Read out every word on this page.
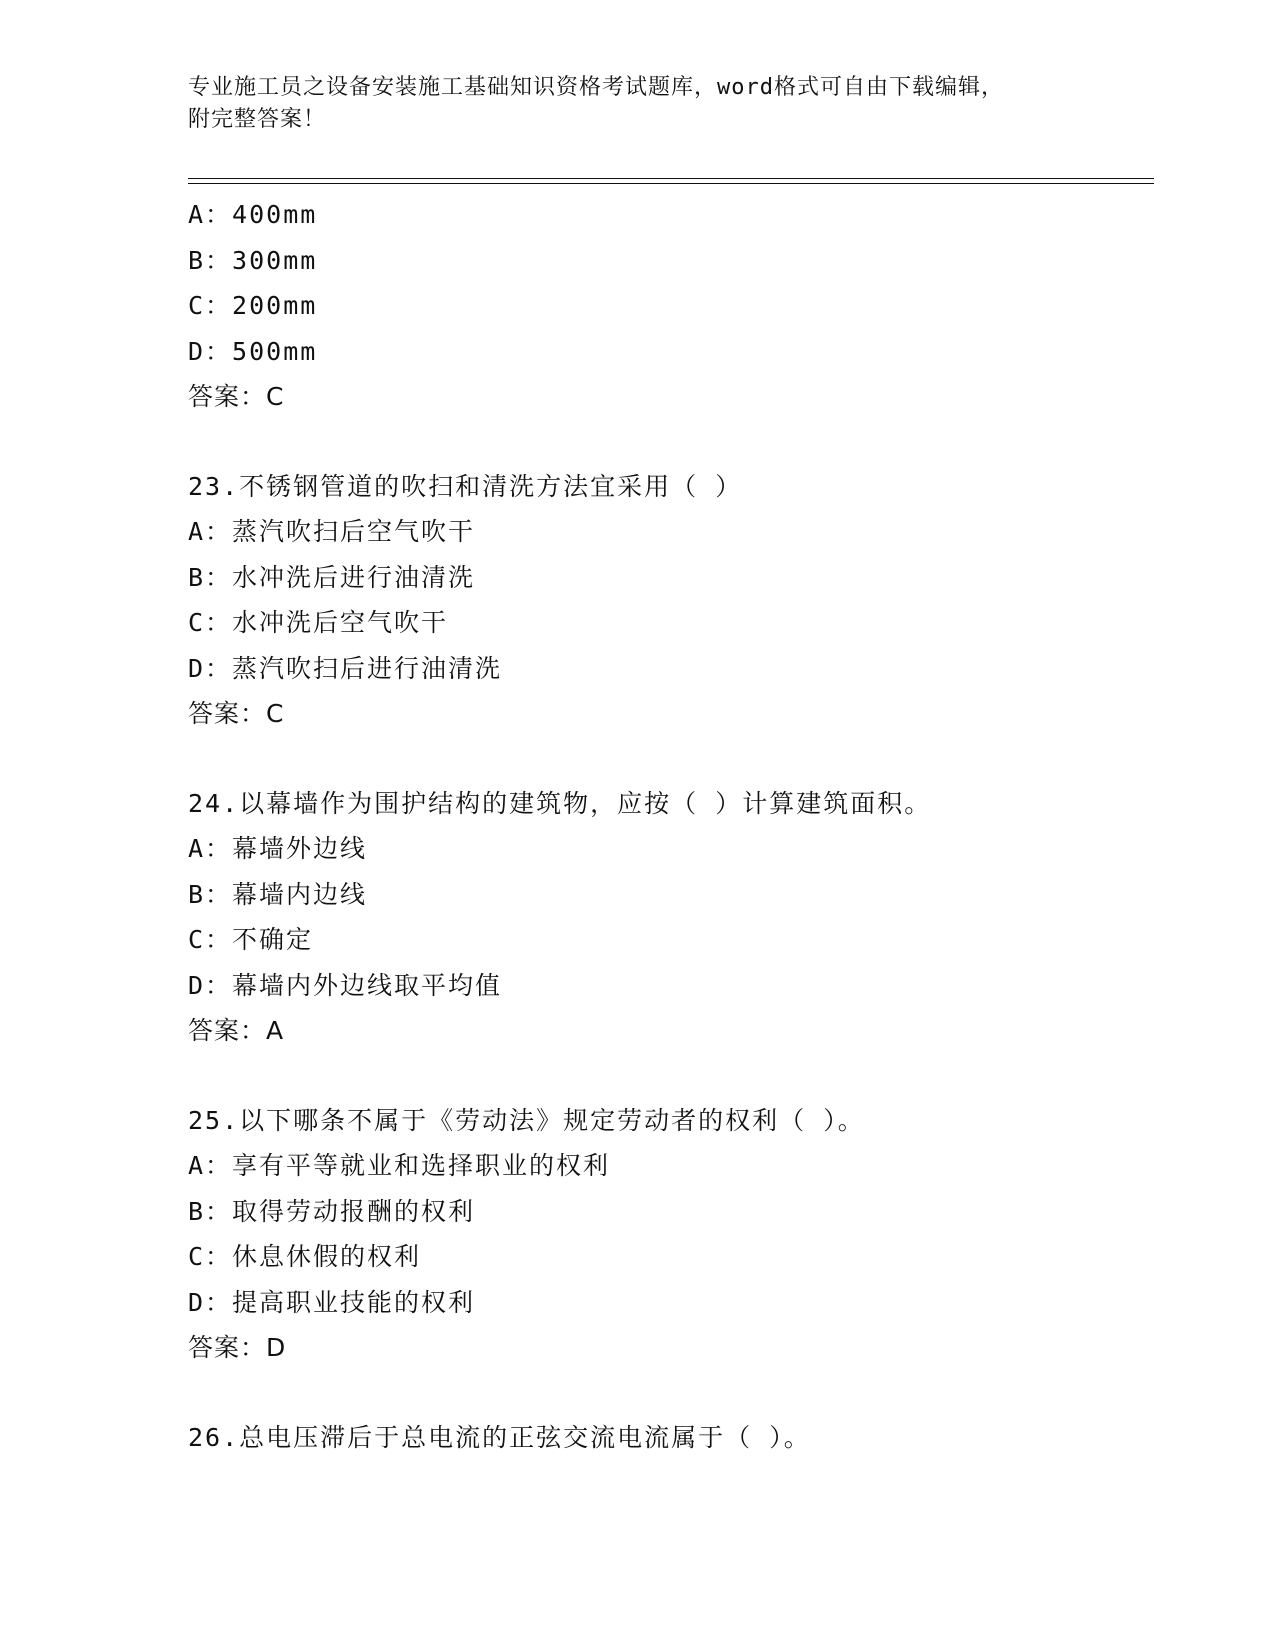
专业施工员之设备安装施工基础知识资格考试题库，word格式可自由下载编辑，
附完整答案！
A：400mm
B：300mm
C：200mm
D：500mm
答案：C
23.不锈钢管道的吹扫和清洗方法宜采用（ ）
A：蒸汽吹扫后空气吹干
B：水冲洗后进行油清洗
C：水冲洗后空气吹干
D：蒸汽吹扫后进行油清洗
答案：C
24.以幕墙作为围护结构的建筑物，应按（ ）计算建筑面积。
A：幕墙外边线
B：幕墙内边线
C：不确定
D：幕墙内外边线取平均值
答案：A
25.以下哪条不属于《劳动法》规定劳动者的权利（ ）。
A：享有平等就业和选择职业的权利
B：取得劳动报酬的权利
C：休息休假的权利
D：提高职业技能的权利
答案：D
26.总电压滞后于总电流的正弦交流电流属于（ ）。
